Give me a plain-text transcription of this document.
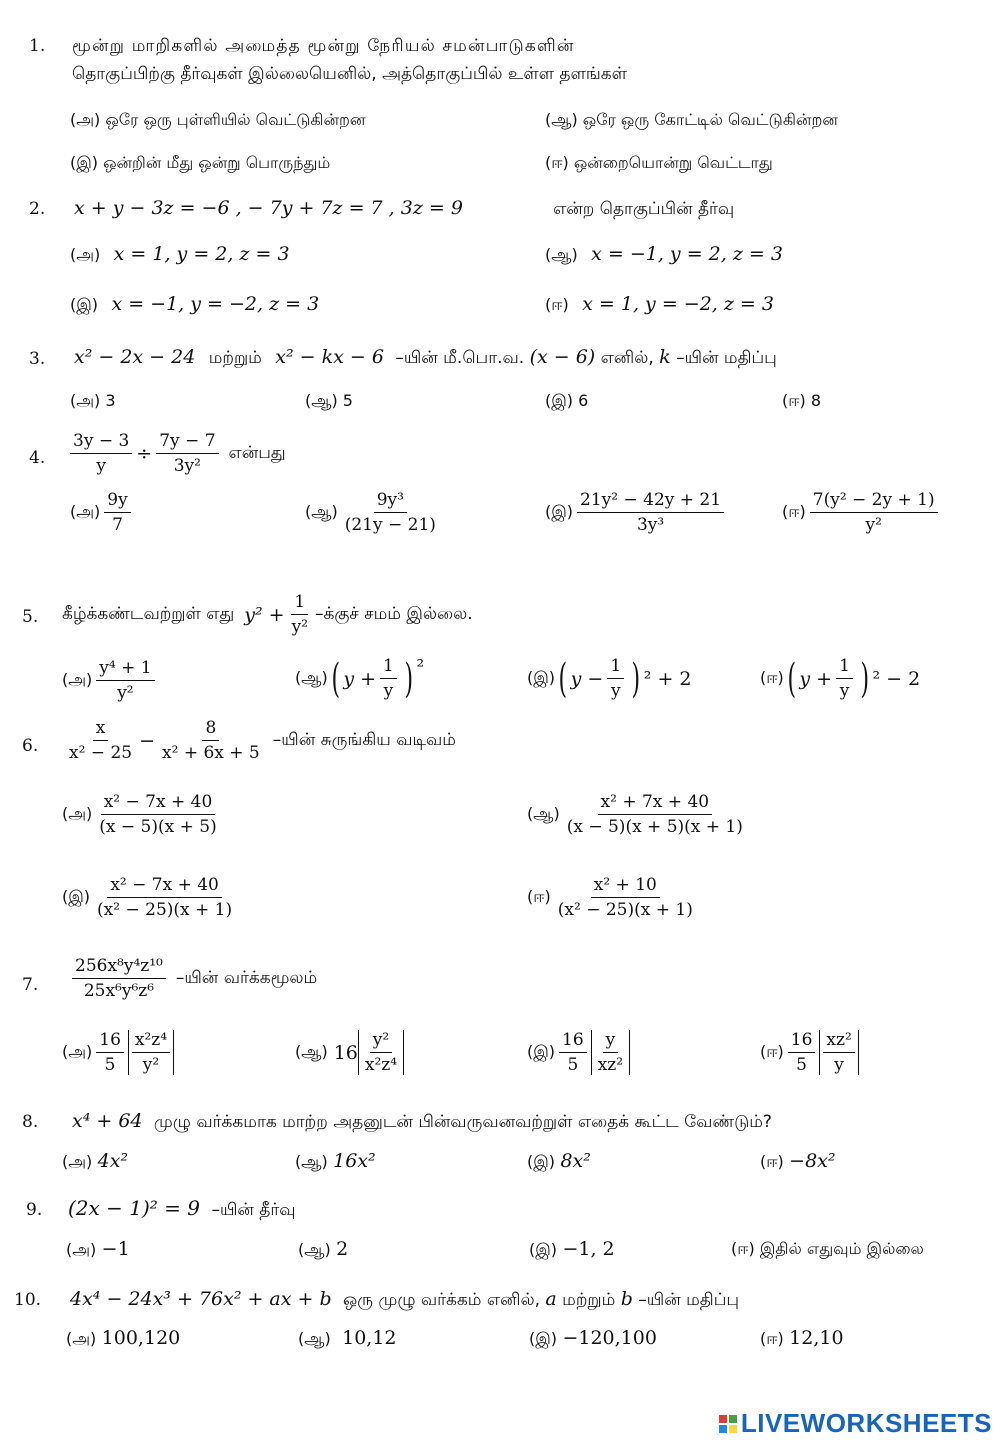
1. மூன்று மாறிகளில் அமைத்த மூன்று நேரியல் சமன்பாடுகளின்
தொகுப்பிற்கு தீர்வுகள் இல்லையெனில், அத்தொகுப்பில் உள்ள தளங்கள்
(அ) ஒரே ஒரு புள்ளியில் வெட்டுகின்றன	(ஆ) ஒரே ஒரு கோட்டில் வெட்டுகின்றன
(இ) ஒன்றின் மீது ஒன்று பொருந்தும்	(ஈ) ஒன்றையொன்று வெட்டாது
2. x + y − 3z = −6 , − 7y + 7z = 7 , 3z = 9	என்ற தொகுப்பின் தீர்வு
(அ) x = 1, y = 2, z = 3	(ஆ) x = −1, y = 2, z = 3
(இ) x = −1, y = −2, z = 3	(ஈ) x = 1, y = −2, z = 3
3. x² − 2x − 24 மற்றும் x² − kx − 6 –யின் மீ.பொ.வ. (x − 6) எனில், k –யின் மதிப்பு
(அ) 3	(ஆ) 5	(இ) 6	(ஈ) 8
4. $\frac{3y - 3}{y} \div \frac{7y - 7}{\text{3y²}}$ என்பது
(அ)
9y
7
(ஆ)
9y³
(21y − 21)
(இ)
21y² − 42y + 21
3y³
(ஈ)
7(y² − 2y + 1)
y²
5. கீழ்க்கண்டவற்றுள் எது $y^2 + \frac{1}{\text{y²}}$ –க்குச் சமம் இல்லை.
(அ)
y⁴ + 1
y²
(ஆ) ( $y + \frac{1}{y}$ ) ²	(இ) ( $y - \frac{1}{y}$ ) ² + 2	(ஈ) ( $y + \frac{1}{y}$ ) ² − 2
6.
x
x² − 25
− $\frac{8}{\text{x² + 6x + 5}}$ –யின் சுருங்கிய வடிவம்
(அ)
x² − 7x + 40
(x − 5)(x + 5)
(ஆ)
x² + 7x + 40
(x − 5)(x + 5)(x + 1)
(இ)
x² − 7x + 40
(x² − 25)(x + 1)
(ஈ)
x² + 10
(x² − 25)(x + 1)
7.
256x⁸y⁴z¹⁰
25x⁶y⁶z⁶
–யின் வர்க்கமூலம்
(அ)
16
$5 \frac{\text{x²z⁴}}{\text{y²}}$	(ஆ) $16 \frac{\text{y²}}{\text{x²z⁴}}$	(இ)
16
$5 \frac{y}{\text{xz²}}$	(ஈ)
16
$5 \frac{\text{xz²}}{y}$
8. x⁴ + 64 முழு வர்க்கமாக மாற்ற அதனுடன் பின்வருவனவற்றுள் எதைக் கூட்ட வேண்டும்?
(அ) 4x²	(ஆ) 16x²	(இ) 8x²	(ஈ) −8x²
9. (2x − 1)² = 9 –யின் தீர்வு
(அ) −1	(ஆ) 2	(இ) −1, 2	(ஈ) இதில் எதுவும் இல்லை
10. 4x⁴ − 24x³ + 76x² + ax + b ஒரு முழு வர்க்கம் எனில், a மற்றும் b –யின் மதிப்பு
(அ) 100,120	(ஆ) 10,12	(இ) −120,100	(ஈ) 12,10
LIVEWORKSHEETS
